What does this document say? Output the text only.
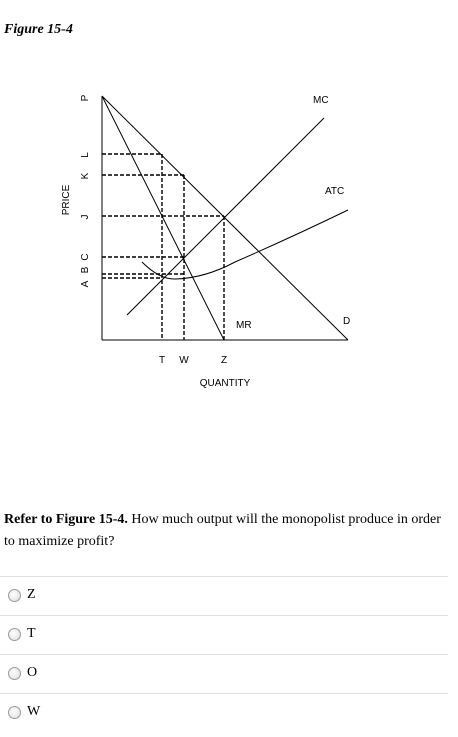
Figure 15-4
P
L
K
J
C
B
A
PRICE
T W	Z
QUANTITY
MC
ATC
MR	D
Refer to Figure 15-4. How much output will the monopolist produce in order to maximize profit?
Z
T
O
W
